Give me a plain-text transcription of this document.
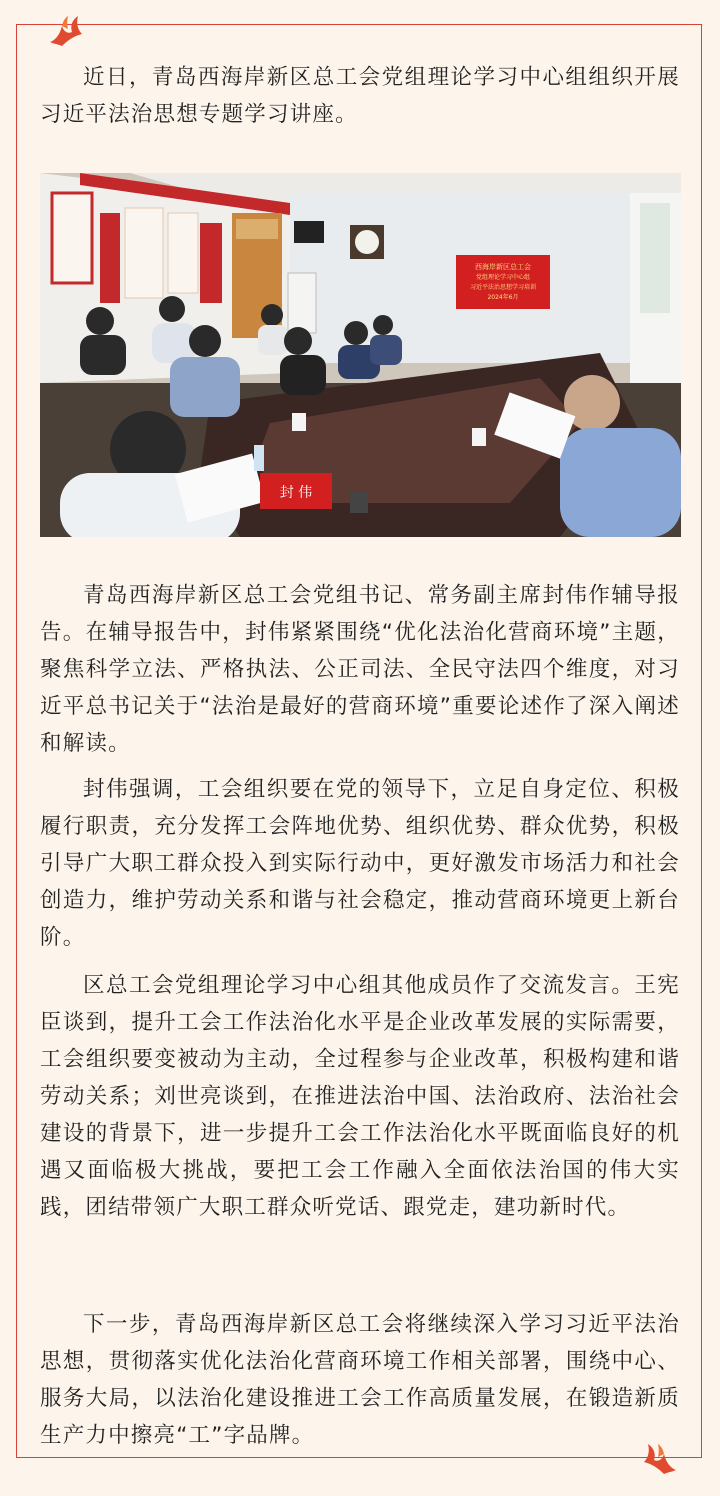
近日，青岛西海岸新区总工会党组理论学习中心组组织开展习近平法治思想专题学习讲座。

西海岸新区总工会
党组理论学习中心组
习近平法治思想学习培训
2024年6月
封 伟

青岛西海岸新区总工会党组书记、常务副主席封伟作辅导报告。在辅导报告中，封伟紧紧围绕“优化法治化营商环境”主题，聚焦科学立法、严格执法、公正司法、全民守法四个维度，对习近平总书记关于“法治是最好的营商环境”重要论述作了深入阐述和解读。

封伟强调，工会组织要在党的领导下，立足自身定位、积极履行职责，充分发挥工会阵地优势、组织优势、群众优势，积极引导广大职工群众投入到实际行动中，更好激发市场活力和社会创造力，维护劳动关系和谐与社会稳定，推动营商环境更上新台阶。

区总工会党组理论学习中心组其他成员作了交流发言。王宪臣谈到，提升工会工作法治化水平是企业改革发展的实际需要，工会组织要变被动为主动，全过程参与企业改革，积极构建和谐劳动关系；刘世亮谈到，在推进法治中国、法治政府、法治社会建设的背景下，进一步提升工会工作法治化水平既面临良好的机遇又面临极大挑战，要把工会工作融入全面依法治国的伟大实践，团结带领广大职工群众听党话、跟党走，建功新时代。

下一步，青岛西海岸新区总工会将继续深入学习习近平法治思想，贯彻落实优化法治化营商环境工作相关部署，围绕中心、服务大局，以法治化建设推进工会工作高质量发展，在锻造新质生产力中擦亮“工”字品牌。
